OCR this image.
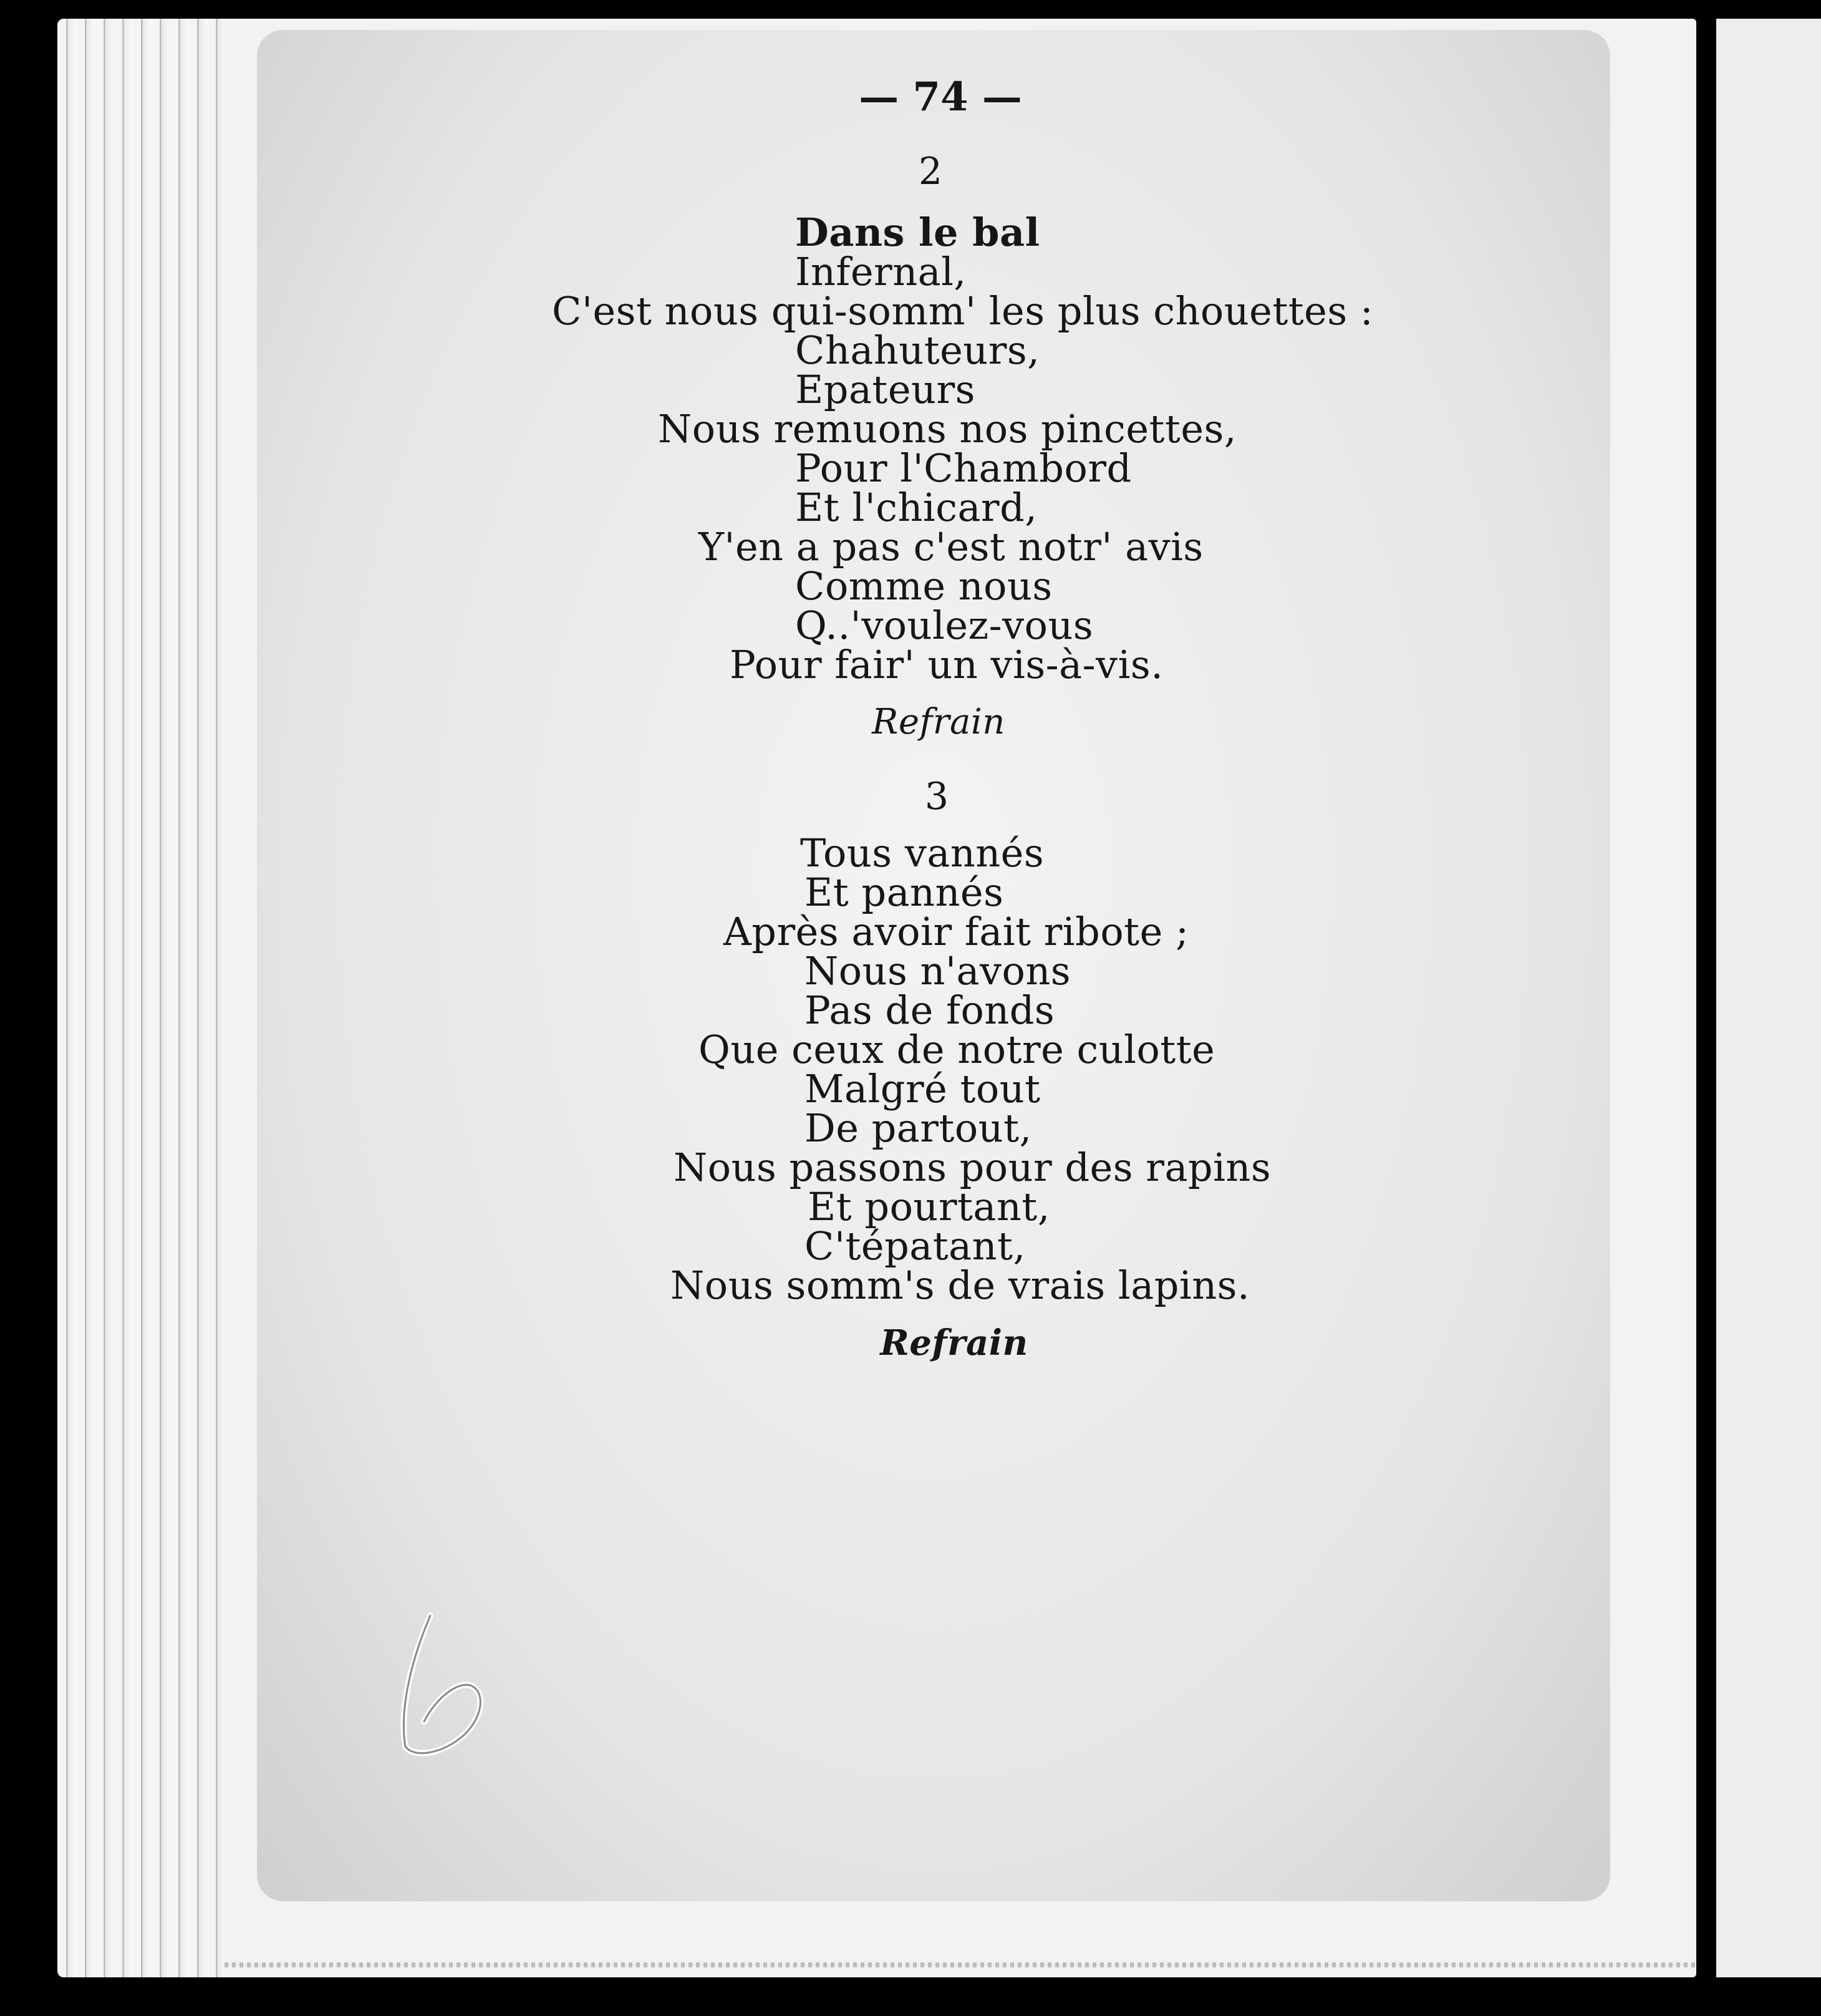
— 74 —
2
Dans le bal
Infernal,
C'est nous qui-somm' les plus chouettes :
Chahuteurs,
Epateurs
Nous remuons nos pincettes,
Pour l'Chambord
Et l'chicard,
Y'en a pas c'est notr' avis
Comme nous
Q..'voulez-vous
Pour fair' un vis-à-vis.
Refrain
3
Tous vannés
Et pannés
Après avoir fait ribote ;
Nous n'avons
Pas de fonds
Que ceux de notre culotte
Malgré tout
De partout,
Nous passons pour des rapins
Et pourtant,
C'tépatant,
Nous somm's de vrais lapins.
Refrain
